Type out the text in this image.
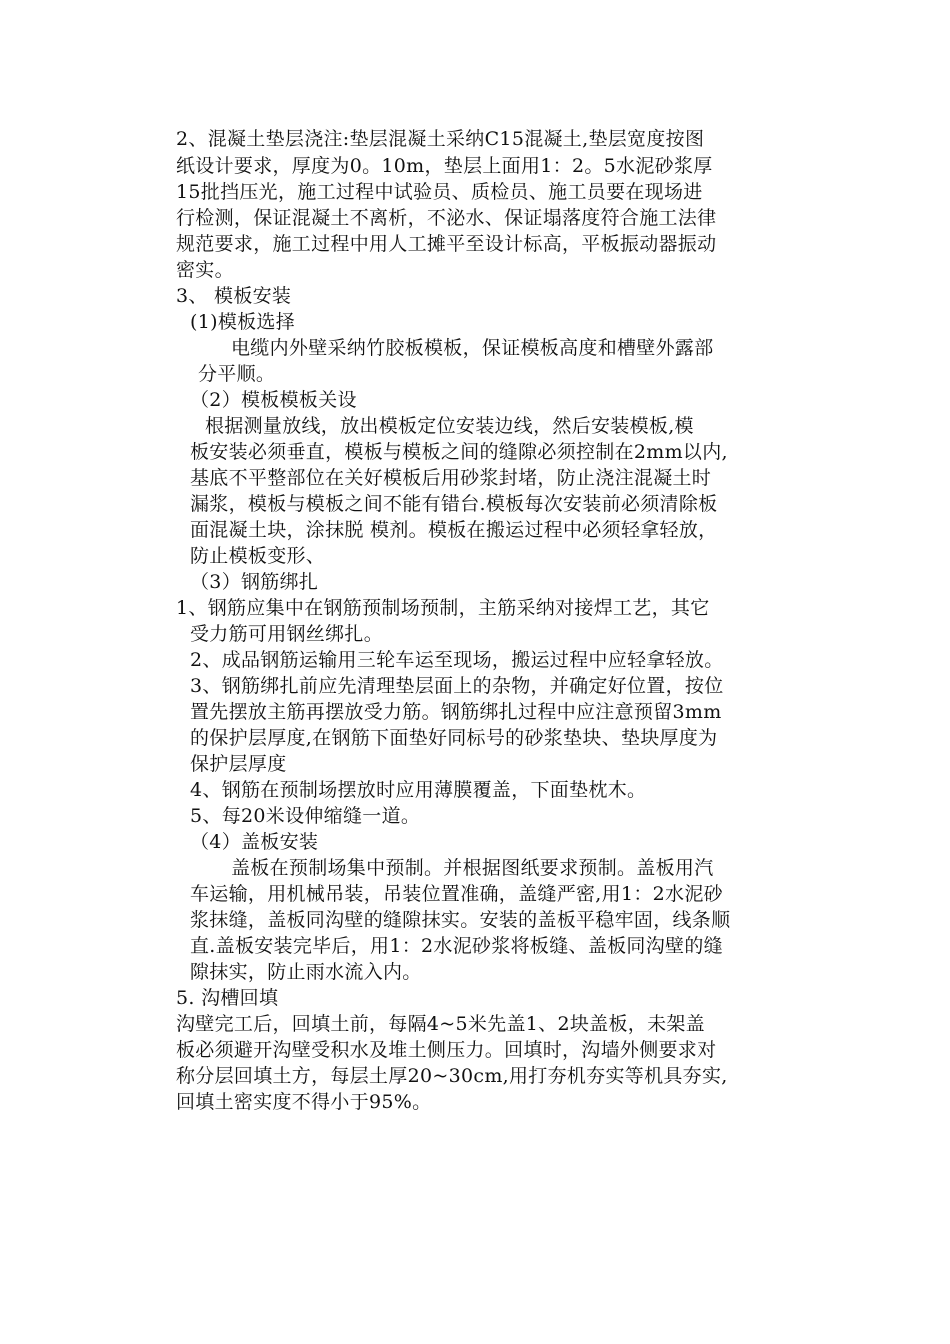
2、混凝土垫层浇注:垫层混凝土采纳C15混凝土,垫层宽度按图
纸设计要求，厚度为0。10m，垫层上面用1：2。5水泥砂浆厚
15批挡压光，施工过程中试验员、质检员、施工员要在现场进
行检测，保证混凝土不离析，不泌水、保证塌落度符合施工法律
规范要求，施工过程中用人工摊平至设计标高，平板振动器振动
密实。
3、 模板安装
(1)模板选择
电缆内外壁采纳竹胶板模板，保证模板高度和槽壁外露部
分平顺。
（2）模板模板关设
根据测量放线，放出模板定位安装边线，然后安装模板,模
板安装必须垂直，模板与模板之间的缝隙必须控制在2mm以内,
基底不平整部位在关好模板后用砂浆封堵，防止浇注混凝土时
漏浆，模板与模板之间不能有错台.模板每次安装前必须清除板
面混凝土块，涂抹脱 模剂。模板在搬运过程中必须轻拿轻放，
防止模板变形、
（3）钢筋绑扎
1、钢筋应集中在钢筋预制场预制，主筋采纳对接焊工艺，其它
受力筋可用钢丝绑扎。
2、成品钢筋运输用三轮车运至现场，搬运过程中应轻拿轻放。
3、钢筋绑扎前应先清理垫层面上的杂物，并确定好位置，按位
置先摆放主筋再摆放受力筋。钢筋绑扎过程中应注意预留3mm
的保护层厚度,在钢筋下面垫好同标号的砂浆垫块、垫块厚度为
保护层厚度
4、钢筋在预制场摆放时应用薄膜覆盖，下面垫枕木。
5、每20米设伸缩缝一道。
（4）盖板安装
盖板在预制场集中预制。并根据图纸要求预制。盖板用汽
车运输，用机械吊装，吊装位置准确，盖缝严密,用1：2水泥砂
浆抹缝，盖板同沟壁的缝隙抹实。安装的盖板平稳牢固，线条顺
直.盖板安装完毕后，用1：2水泥砂浆将板缝、盖板同沟壁的缝
隙抹实，防止雨水流入内。
5. 沟槽回填
沟壁完工后，回填土前，每隔4~5米先盖1、2块盖板，未架盖
板必须避开沟壁受积水及堆土侧压力。回填时，沟墙外侧要求对
称分层回填土方，每层土厚20~30cm,用打夯机夯实等机具夯实,
回填土密实度不得小于95%。
